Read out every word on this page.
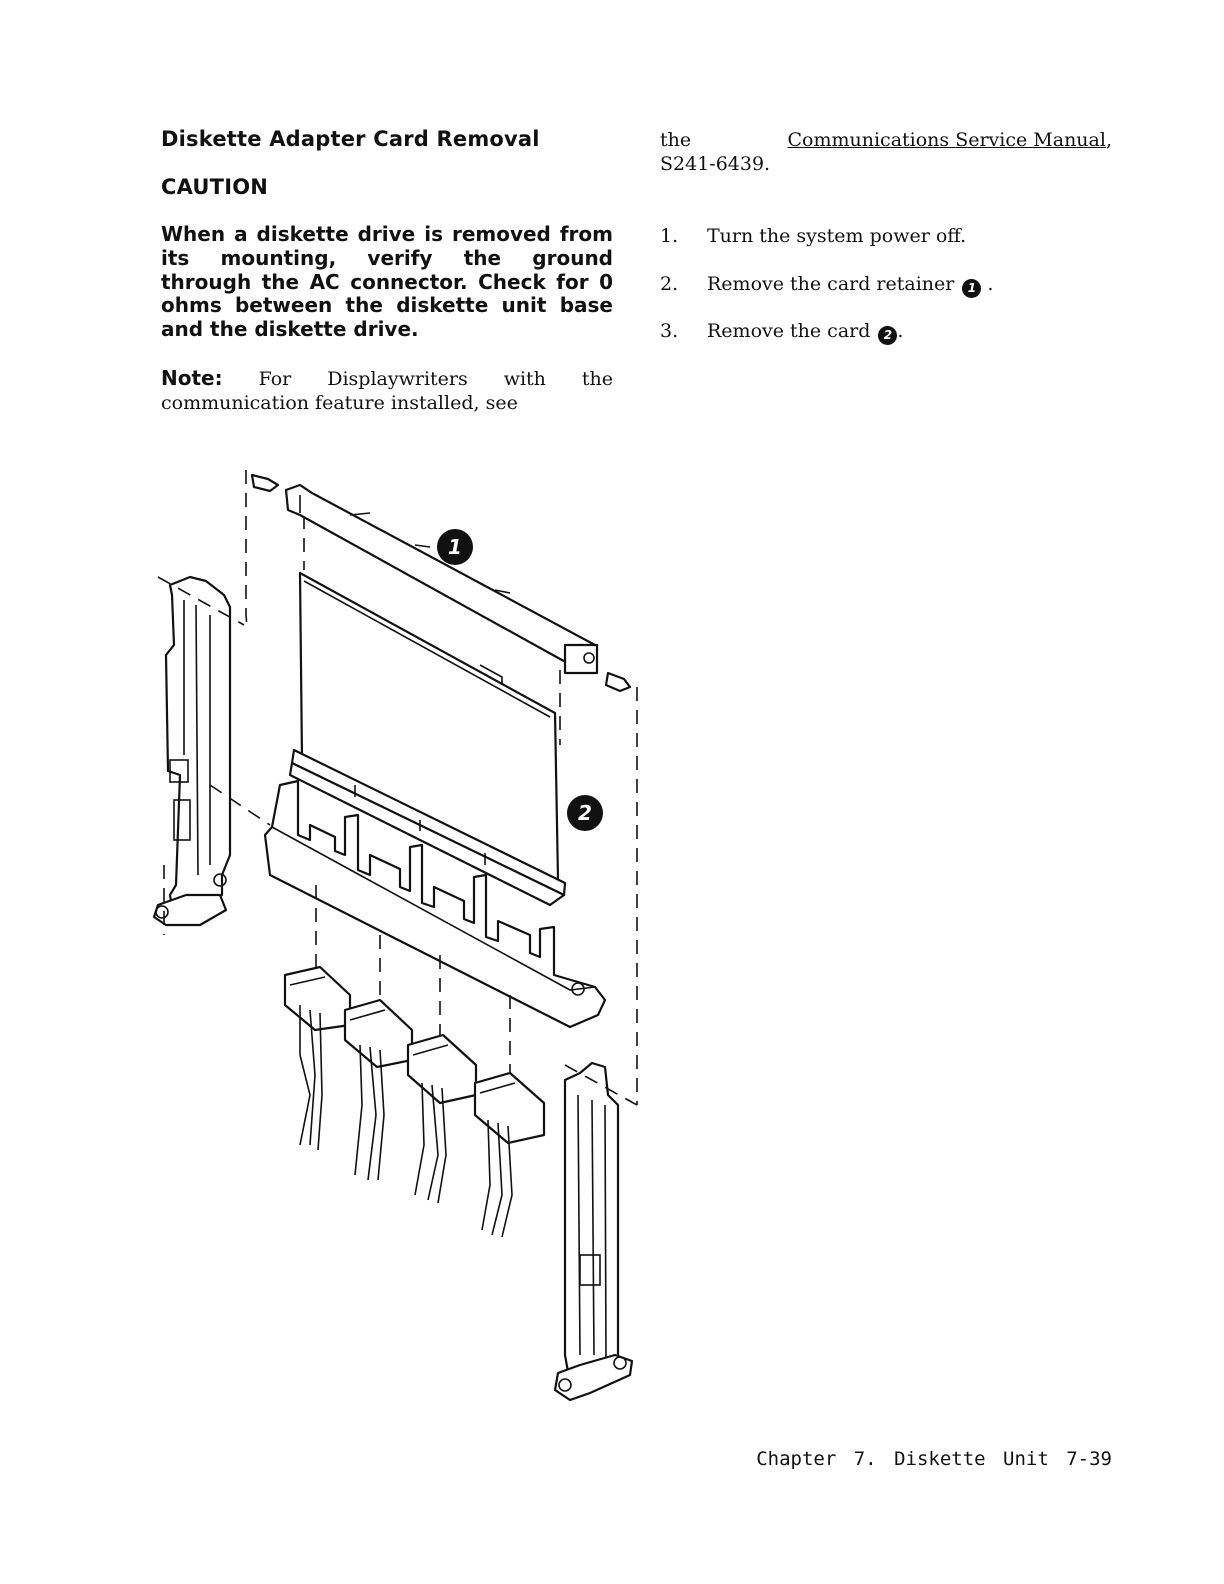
Diskette Adapter Card Removal
CAUTION

When a diskette drive is removed from its mounting, verify the ground through the AC connector. Check for 0 ohms between the diskette unit base and the diskette drive.

Note: For Displaywriters with the communication feature installed, see

the	Communications Service Manual,
S241-6439.
1. Turn the system power off.
2. Remove the card retainer 1 .
3. Remove the card 2 .
1
2

Chapter 7. Diskette Unit 7-39
